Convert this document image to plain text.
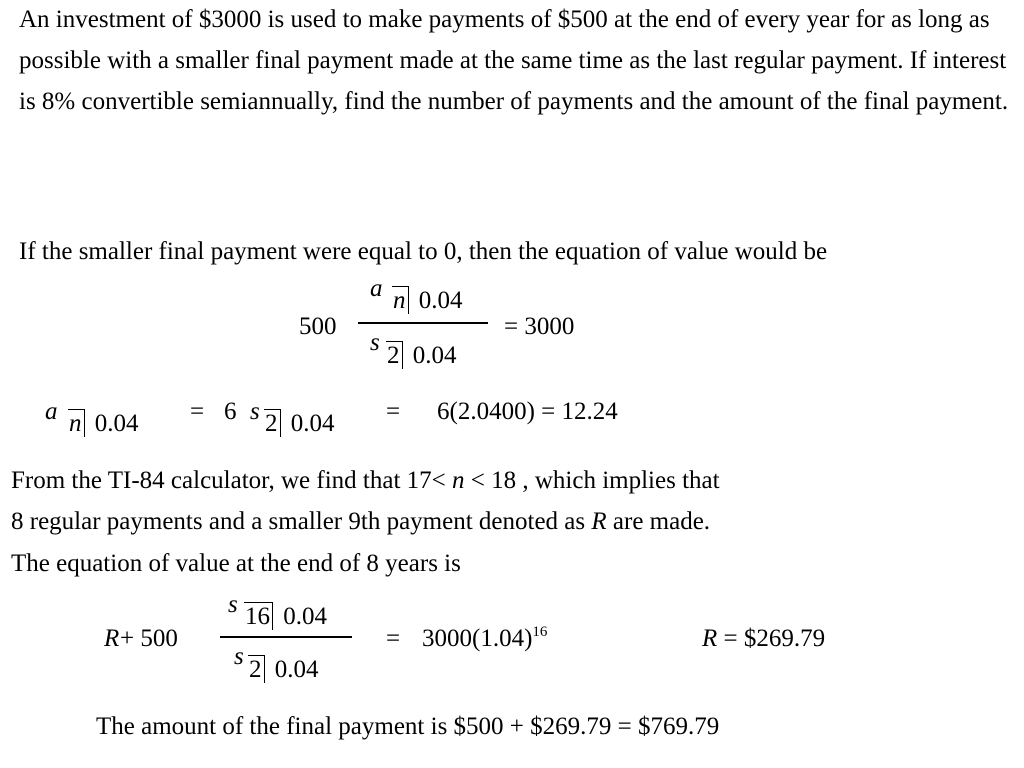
An investment of $3000 is used to make payments of $500 at the end of every year for as long as possible with a smaller final payment made at the same time as the last regular payment. If interest is 8% convertible semiannually, find the number of payments and the amount of the final payment.

If the smaller final payment were equal to 0, then the equation of value would be

500
a n 0.04
s 2 0.04
= 3000
a n 0.04 = 6 s 2 0.04 = 6(2.0400) = 12.24
From the TI-84 calculator, we find that 17< n < 18 , which implies that
8 regular payments and a smaller 9th payment denoted as R are made.
The equation of value at the end of 8 years is
R + 500
s 16 0.04
s 2 0.04
= $3000(1.04)^{16}$	R = $269.79
The amount of the final payment is $500 + $269.79 = $769.79
